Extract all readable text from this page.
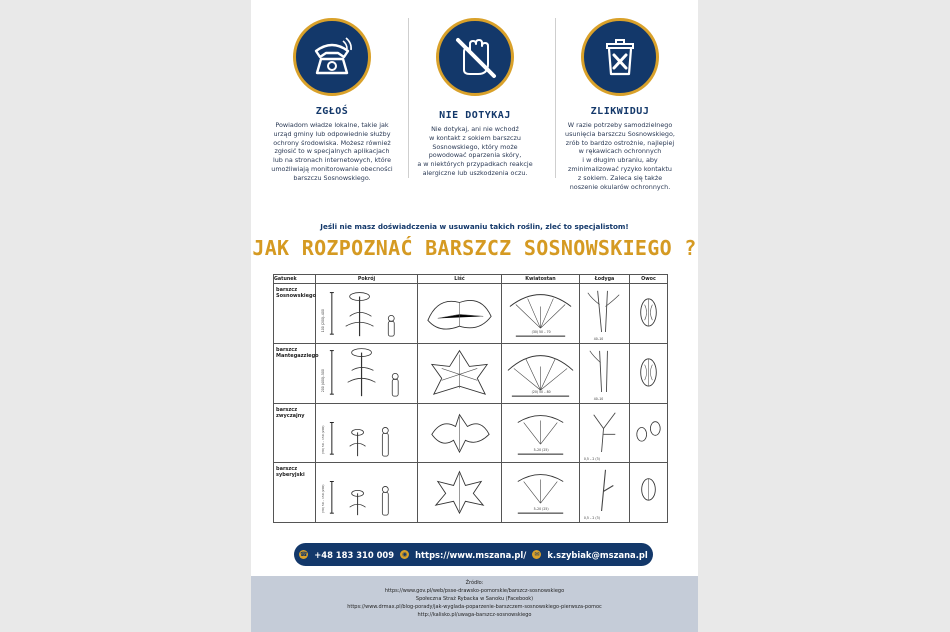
ZGŁOŚ

Powiadom władze lokalne, takie jak
urząd gminy lub odpowiednie służby
ochrony środowiska. Możesz również
zgłosić to w specjalnych aplikacjach
lub na stronach internetowych, które
umożliwiają monitorowanie obecności
barszczu Sosnowskiego.

NIE DOTYKAJ

Nie dotykaj, ani nie wchodź
w kontakt z sokiem barszczu
Sosnowskiego, który może
powodować oparzenia skóry,
a w niektórych przypadkach reakcje
alergiczne lub uszkodzenia oczu.

ZLIKWIDUJ

W razie potrzeby samodzielnego
usunięcia barszczu Sosnowskiego,
zrób to bardzo ostrożnie, najlepiej
w rękawicach ochronnych
i w długim ubraniu, aby
zminimalizować ryzyko kontaktu
z sokiem. Zaleca się także
noszenie okularów ochronnych.

Jeśli nie masz doświadczenia w usuwaniu takich roślin, zleć to specjalistom!
JAK ROZPOZNAĆ BARSZCZ SOSNOWSKIEGO ?
Gatunek	Pokrój	Liść	Kwiatostan	Łodyga	Owoc
barszcz Sosnowskiego	100 (200)–400		(30) 50 – 70	40–10

barszcz Mantegazziego	200 (400)–500		(20) 50 – 80	40–10

barszcz zwyczajny	(30) 50 – 150 (200)		5–20 (25)	0,5 – 2 (3)

barszcz syberyjski	(30) 50 – 150 (200)		5–20 (25)	0,5 – 2 (3)

☎ +48 183 310 009	◉ https://www.mszana.pl/	✉ k.szybiak@mszana.pl
Źródło:
https://www.gov.pl/web/psse-drawsko-pomorskie/barszcz-sosnowskiego
Społeczna Straż Rybacka w Sanoku (Facebook)
https://www.drmax.pl/blog-porady/jak-wyglada-poparzenie-barszczem-sosnowskiego-pierwsza-pomoc
http://kalisko.pl/uwaga-barszcz-sosnowskiego
